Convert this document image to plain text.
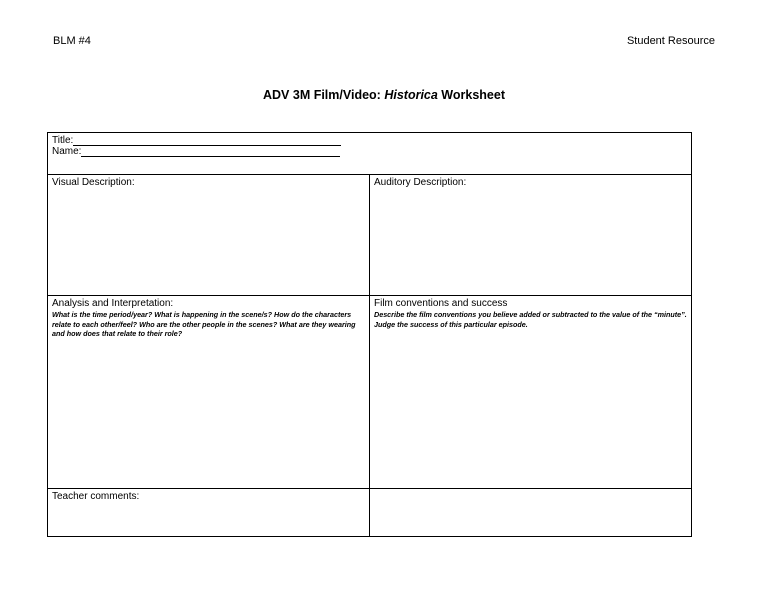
BLM #4	Student Resource
ADV 3M Film/Video: Historica Worksheet
Title:
Name:
Visual Description:	Auditory Description:
Analysis and Interpretation:
What is the time period/year? What is happening in the scene/s? How do the characters relate to each other/feel? Who are the other people in the scenes? What are they wearing and how does that relate to their role?
Film conventions and success
Describe the film conventions you believe added or subtracted to the value of the “minute”. Judge the success of this particular episode.
Teacher comments:
